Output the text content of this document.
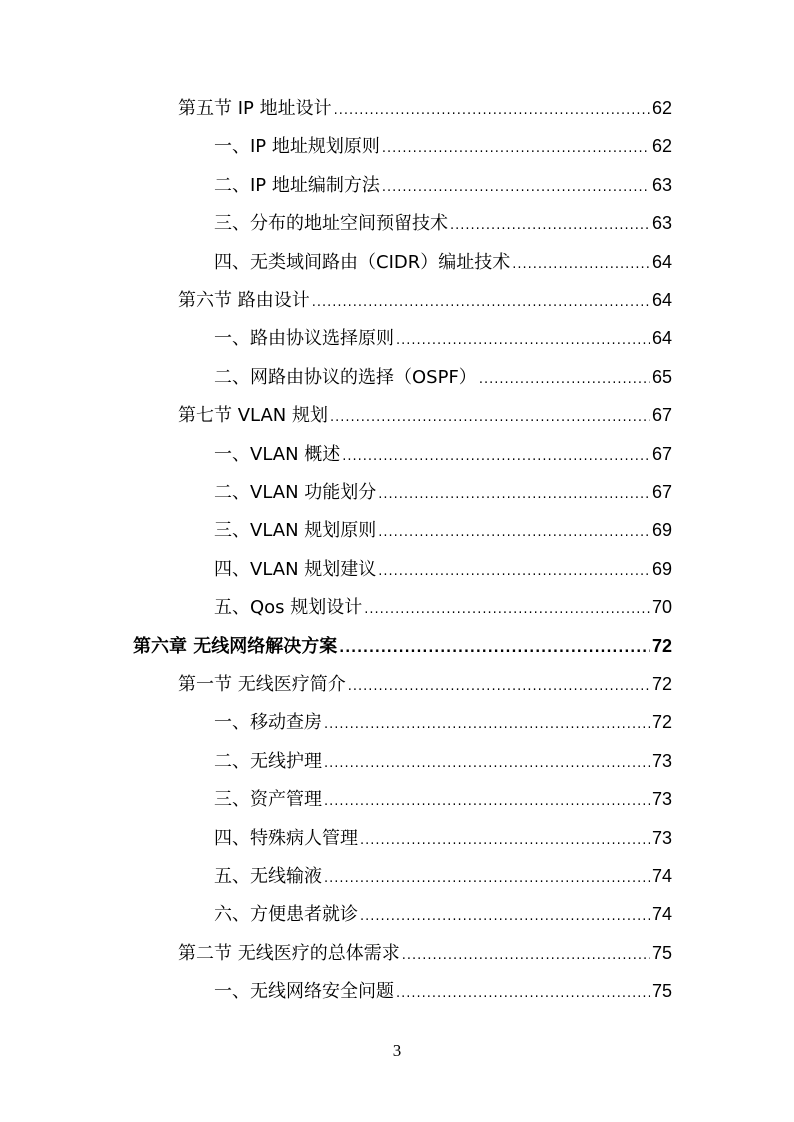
第五节 IP 地址设计 .....	62
一、IP 地址规划原则 .....	62
二、IP 地址编制方法 .....	63
三、分布的地址空间预留技术 .....	63
四、无类域间路由（CIDR）编址技术 .....	64
第六节 路由设计 .....	64
一、路由协议选择原则 .....	64
二、网路由协议的选择（OSPF） .....	65
第七节 VLAN 规划 .....	67
一、VLAN 概述 .....	67
二、VLAN 功能划分 .....	67
三、VLAN 规划原则 .....	69
四、VLAN 规划建议 .....	69
五、Qos 规划设计 .....	70
第六章 无线网络解决方案 .....	72
第一节 无线医疗简介 .....	72
一、移动查房 .....	72
二、无线护理 .....	73
三、资产管理 .....	73
四、特殊病人管理 .....	73
五、无线输液 .....	74
六、方便患者就诊 .....	74
第二节 无线医疗的总体需求 .....	75
一、无线网络安全问题 .....	75
3
